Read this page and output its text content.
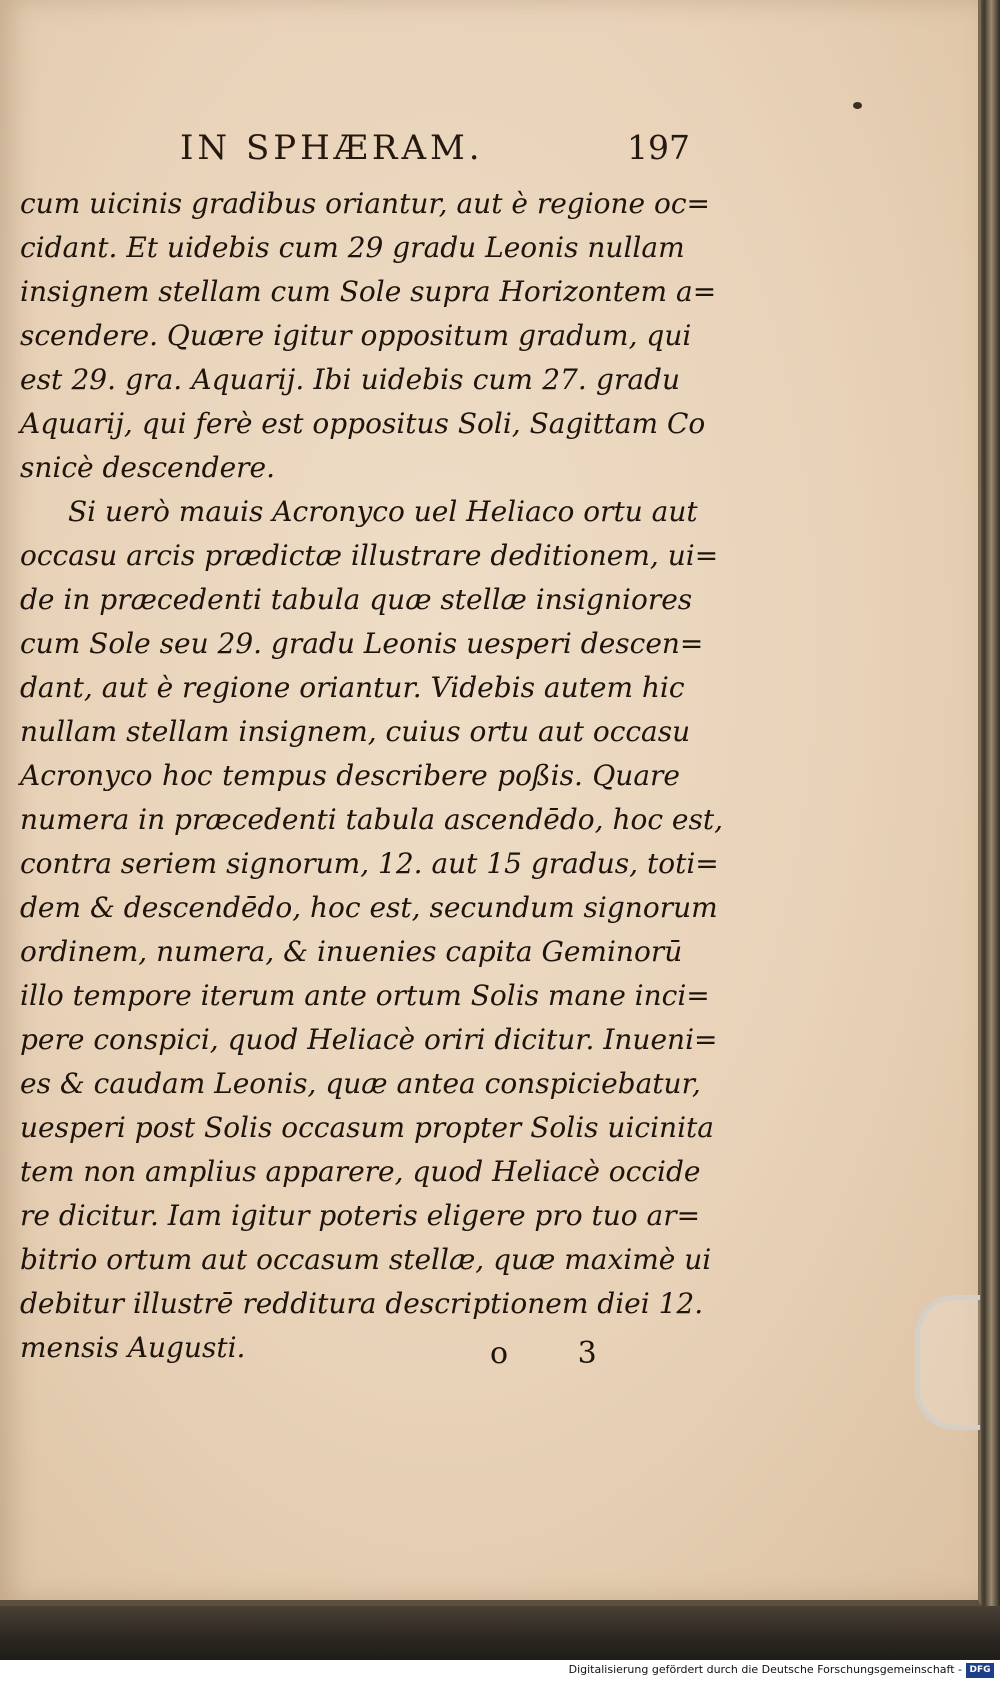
IN SPHÆRAM.	197
cum uicinis gradibus oriantur, aut è regione oc=
cidant. Et uidebis cum 29 gradu Leonis nullam
insignem stellam cum Sole supra Horizontem a=
scendere. Quære igitur oppositum gradum, qui
est 29. gra. Aquarij. Ibi uidebis cum 27. gradu
Aquarij, qui ferè est oppositus Soli, Sagittam Co
snicè descendere.
Si uerò mauis Acronyco uel Heliaco ortu aut
occasu arcis prædictæ illustrare deditionem, ui=
de in præcedenti tabula quæ stellæ insigniores
cum Sole seu 29. gradu Leonis uesperi descen=
dant, aut è regione oriantur. Videbis autem hic
nullam stellam insignem, cuius ortu aut occasu
Acronyco hoc tempus describere poßis. Quare
numera in præcedenti tabula ascendēdo, hoc est,
contra seriem signorum, 12. aut 15 gradus, toti=
dem & descendēdo, hoc est, secundum signorum
ordinem, numera, & inuenies capita Geminorū
illo tempore iterum ante ortum Solis mane inci=
pere conspici, quod Heliacè oriri dicitur. Inueni=
es & caudam Leonis, quæ antea conspiciebatur,
uesperi post Solis occasum propter Solis uicinita
tem non amplius apparere, quod Heliacè occide
re dicitur. Iam igitur poteris eligere pro tuo ar=
bitrio ortum aut occasum stellæ, quæ maximè ui
debitur illustrē redditura descriptionem diei 12.
mensis Augusti.	o 3
Digitalisierung gefördert durch die Deutsche Forschungsgemeinschaft - DFG
